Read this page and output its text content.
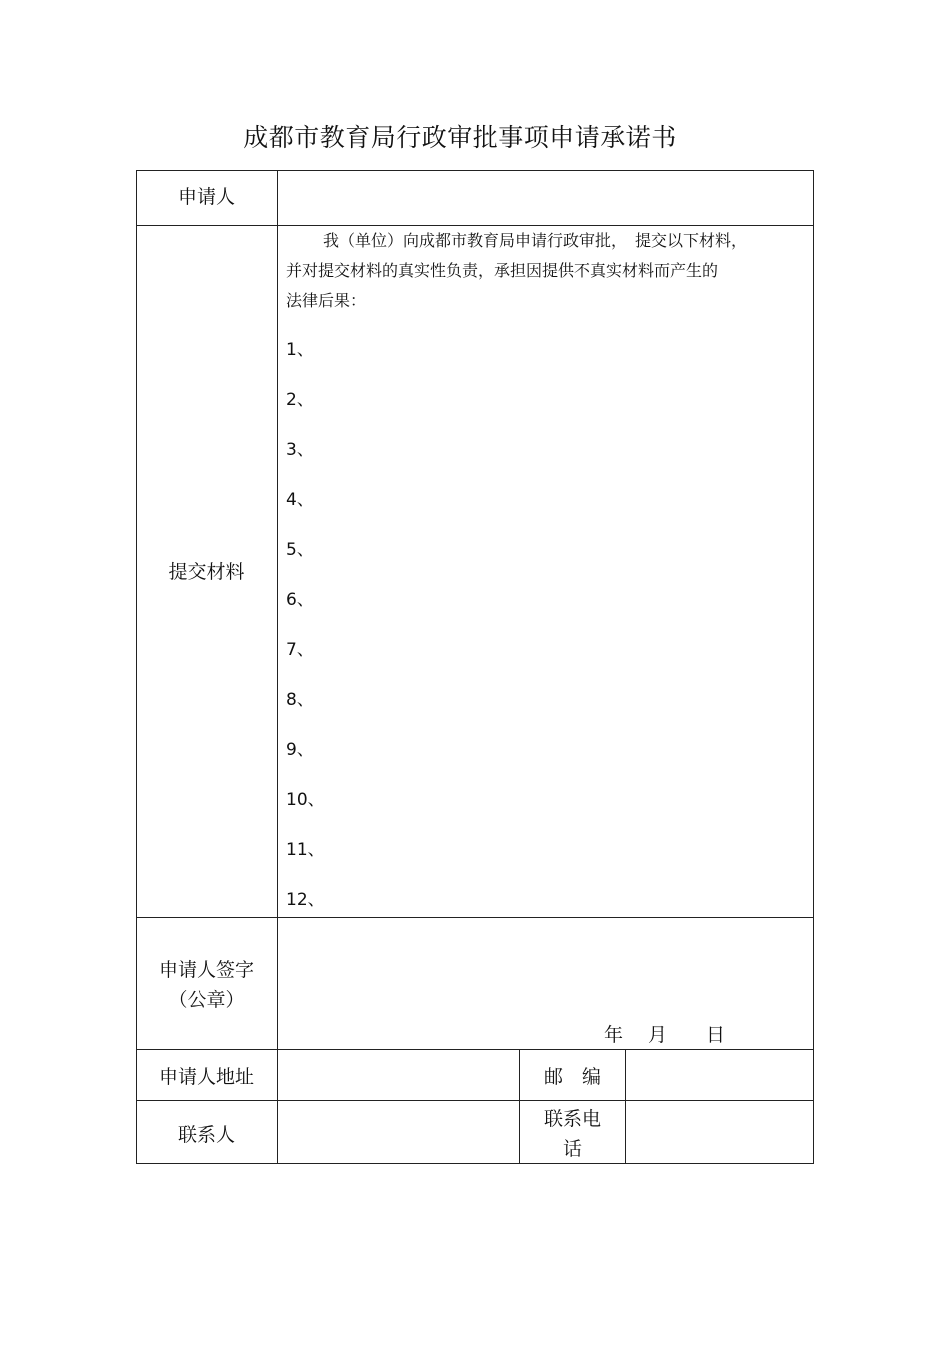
成都市教育局行政审批事项申请承诺书
申请人
提交材料

我（单位）向成都市教育局申请行政审批，　提交以下材料，

并对提交材料的真实性负责，承担因提供不真实材料而产生的

法律后果：

1、
2、
3、
4、
5、
6、
7、
8、
9、
10、
11、
12、
申请人签字
（公章）
年 月 日
申请人地址	邮　编
联系人
联系电
话
